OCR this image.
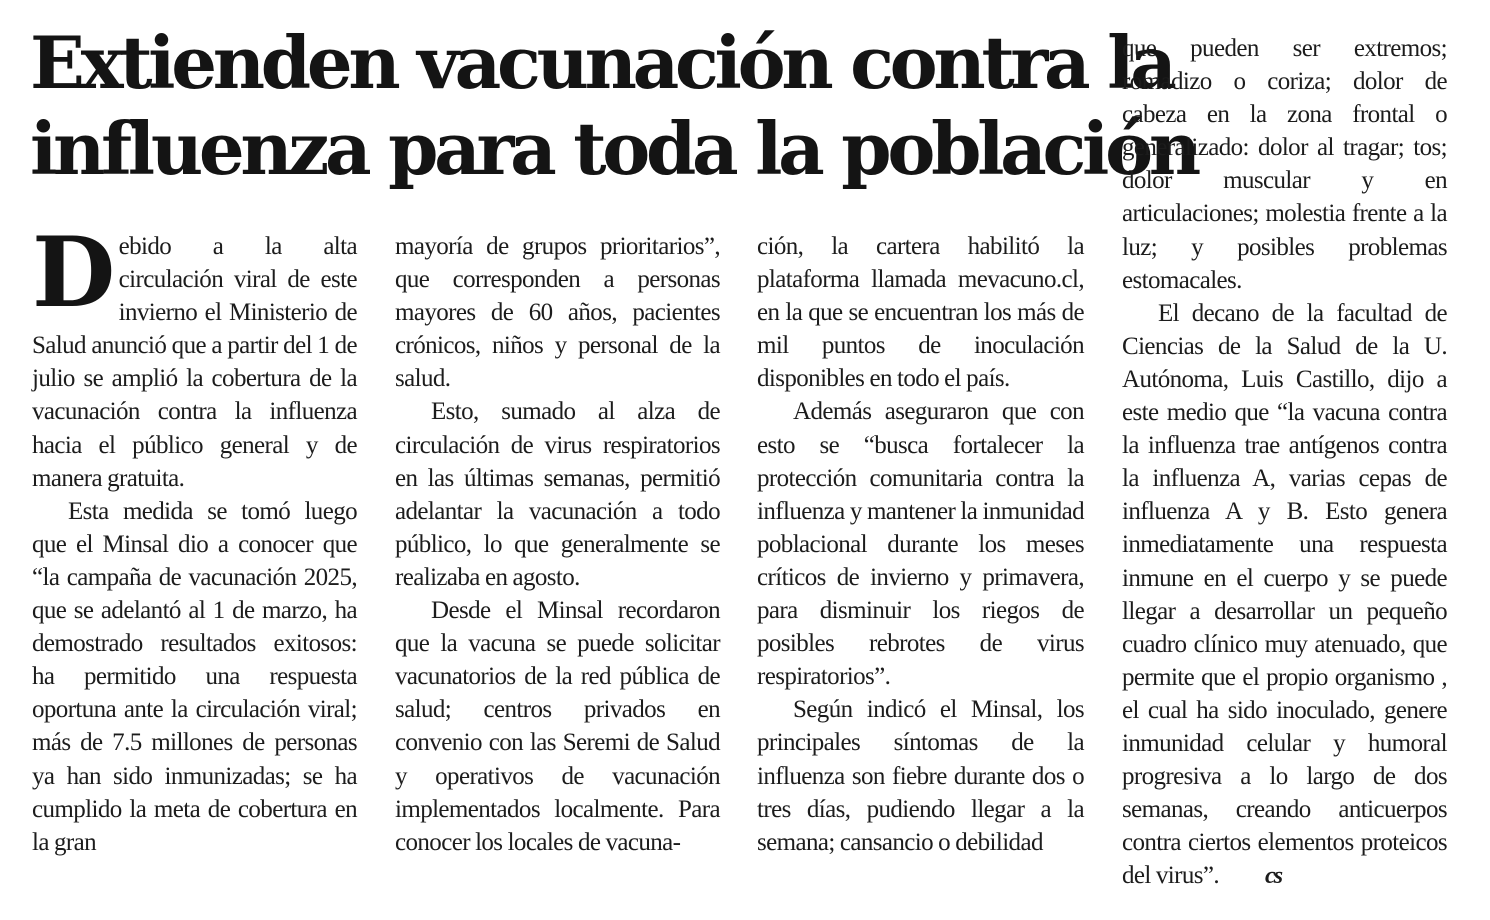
Extienden vacunación contra la
influenza para toda la población

Debido a la alta circulación viral de este invierno el Ministerio de Salud anunció que a partir del 1 de julio se amplió la cobertura de la vacunación contra la influenza hacia el público general y de manera gratuita.

Esta medida se tomó luego que el Minsal dio a conocer que “la campaña de vacunación 2025, que se adelantó al 1 de marzo, ha demostrado resultados exitosos: ha permitido una respuesta oportuna ante la circulación viral; más de 7.5 millones de personas ya han sido inmunizadas; se ha cumplido la meta de cobertura en la gran

mayoría de grupos prioritarios”, que corresponden a personas mayores de 60 años, pacientes crónicos, niños y personal de la salud.

Esto, sumado al alza de circulación de virus respiratorios en las últimas semanas, permitió adelantar la vacunación a todo público, lo que generalmente se realizaba en agosto.

Desde el Minsal recordaron que la vacuna se puede solicitar vacunatorios de la red pública de salud; centros privados en convenio con las Seremi de Salud y operativos de vacunación implementados localmente. Para conocer los locales de vacuna-

ción, la cartera habilitó la plataforma llamada mevacuno.cl, en la que se encuentran los más de mil puntos de inoculación disponibles en todo el país.

Además aseguraron que con esto se “busca fortalecer la protección comunitaria contra la influenza y mantener la inmunidad poblacional durante los meses críticos de invierno y primavera, para disminuir los riegos de posibles rebrotes de virus respiratorios”.

Según indicó el Minsal, los principales síntomas de la influenza son fiebre durante dos o tres días, pudiendo llegar a la semana; cansancio o debilidad

que pueden ser extremos; romadizo o coriza; dolor de cabeza en la zona frontal o generalizado: dolor al tragar; tos; dolor muscular y en articulaciones; molestia frente a la luz; y posibles problemas estomacales.

El decano de la facultad de Ciencias de la Salud de la U. Autónoma, Luis Castillo, dijo a este medio que “la vacuna contra la influenza trae antígenos contra la influenza A, varias cepas de influenza A y B. Esto genera inmediatamente una respuesta inmune en el cuerpo y se puede llegar a desarrollar un pequeño cuadro clínico muy atenuado, que permite que el propio organismo , el cual ha sido inoculado, genere inmunidad celular y humoral progresiva a lo largo de dos semanas, creando anticuerpos contra ciertos elementos proteicos del virus”. cs
